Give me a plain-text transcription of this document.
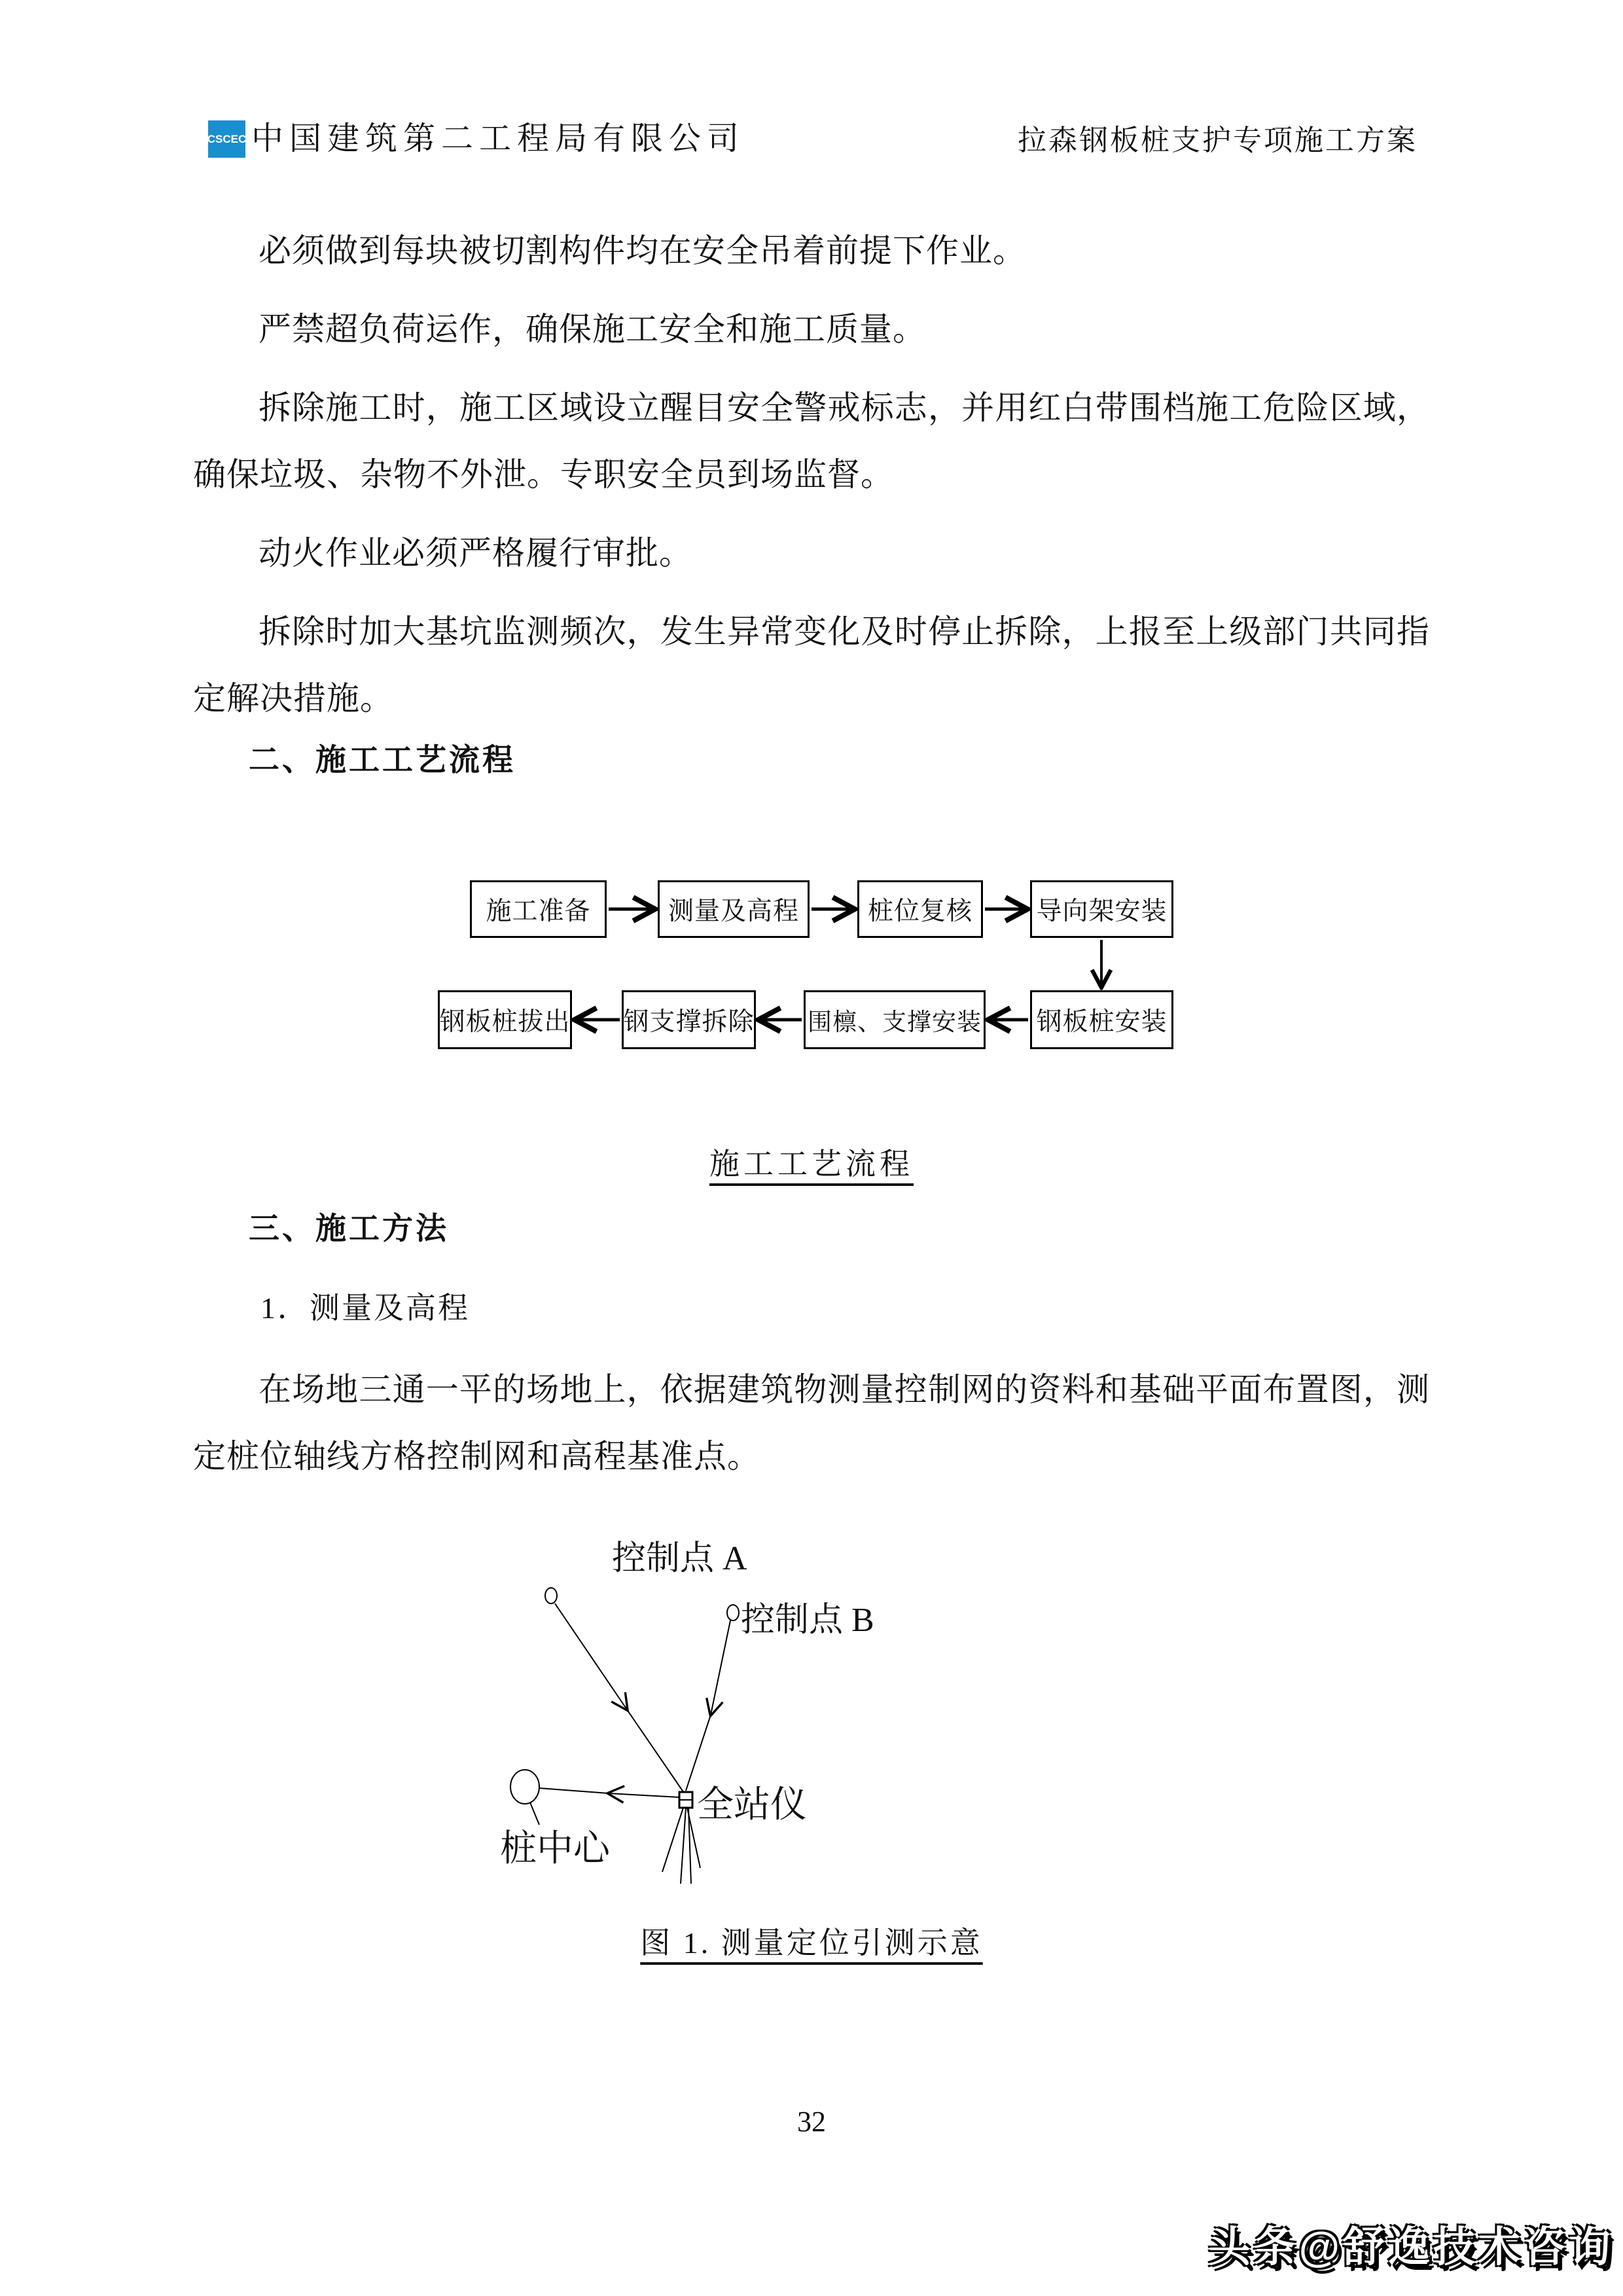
CSCEC 中国建筑第二工程局有限公司	拉森钢板桩支护专项施工方案

必须做到每块被切割构件均在安全吊着前提下作业。

严禁超负荷运作，确保施工安全和施工质量。

拆除施工时，施工区域设立醒目安全警戒标志，并用红白带围档施工危险区域，确保垃圾、杂物不外泄。专职安全员到场监督。

动火作业必须严格履行审批。

拆除时加大基坑监测频次，发生异常变化及时停止拆除，上报至上级部门共同指定解决措施。

二、施工工艺流程
施工准备	测量及高程	桩位复核	导向架安装
钢板桩拔出 钢支撑拆除 围檩、支撑安装 钢板桩安装
施工工艺流程
三、施工方法
1．测量及高程
在场地三通一平的场地上，依据建筑物测量控制网的资料和基础平面布置图，测定桩位轴线方格控制网和高程基准点。
控制点 A
控制点 B
全站仪
桩中心
图 1. 测量定位引测示意
32
头条@舒逸技术咨询
